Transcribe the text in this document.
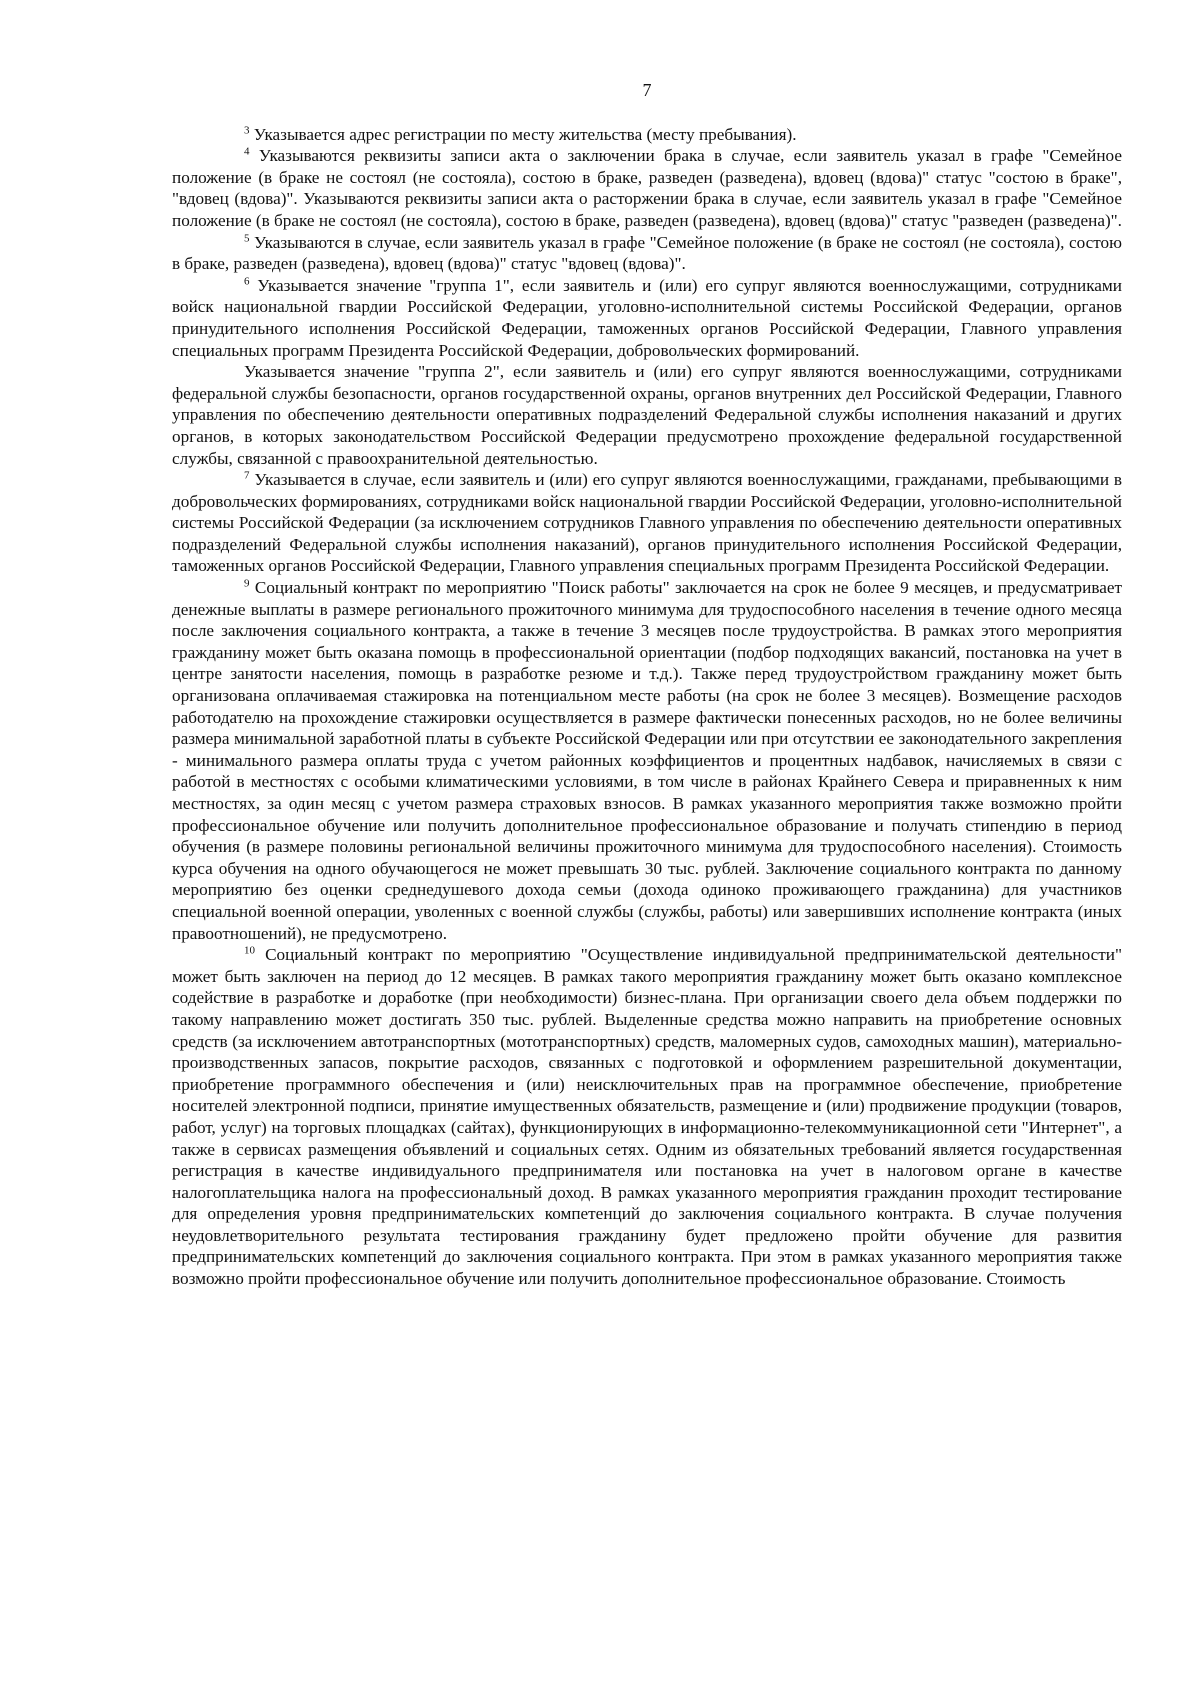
7

$^3$ Указывается адрес регистрации по месту жительства (месту пребывания).

$^4$ Указываются реквизиты записи акта о заключении брака в случае, если заявитель указал в графе "Семейное положение (в браке не состоял (не состояла), состою в браке, разведен (разведена), вдовец (вдова)" статус "состою в браке", "вдовец (вдова)". Указываются реквизиты записи акта о расторжении брака в случае, если заявитель указал в графе "Семейное положение (в браке не состоял (не состояла), состою в браке, разведен (разведена), вдовец (вдова)" статус "разведен (разведена)".

$^5$ Указываются в случае, если заявитель указал в графе "Семейное положение (в браке не состоял (не состояла), состою в браке, разведен (разведена), вдовец (вдова)" статус "вдовец (вдова)".

$^6$ Указывается значение "группа 1", если заявитель и (или) его супруг являются военнослужащими, сотрудниками войск национальной гвардии Российской Федерации, уголовно-исполнительной системы Российской Федерации, органов принудительного исполнения Российской Федерации, таможенных органов Российской Федерации, Главного управления специальных программ Президента Российской Федерации, добровольческих формирований.

Указывается значение "группа 2", если заявитель и (или) его супруг являются военнослужащими, сотрудниками федеральной службы безопасности, органов государственной охраны, органов внутренних дел Российской Федерации, Главного управления по обеспечению деятельности оперативных подразделений Федеральной службы исполнения наказаний и других органов, в которых законодательством Российской Федерации предусмотрено прохождение федеральной государственной службы, связанной с правоохранительной деятельностью.

$^7$ Указывается в случае, если заявитель и (или) его супруг являются военнослужащими, гражданами, пребывающими в добровольческих формированиях, сотрудниками войск национальной гвардии Российской Федерации, уголовно-исполнительной системы Российской Федерации (за исключением сотрудников Главного управления по обеспечению деятельности оперативных подразделений Федеральной службы исполнения наказаний), органов принудительного исполнения Российской Федерации, таможенных органов Российской Федерации, Главного управления специальных программ Президента Российской Федерации.

$^9$ Социальный контракт по мероприятию "Поиск работы" заключается на срок не более 9 месяцев, и предусматривает денежные выплаты в размере регионального прожиточного минимума для трудоспособного населения в течение одного месяца после заключения социального контракта, а также в течение 3 месяцев после трудоустройства. В рамках этого мероприятия гражданину может быть оказана помощь в профессиональной ориентации (подбор подходящих вакансий, постановка на учет в центре занятости населения, помощь в разработке резюме и т.д.). Также перед трудоустройством гражданину может быть организована оплачиваемая стажировка на потенциальном месте работы (на срок не более 3 месяцев). Возмещение расходов работодателю на прохождение стажировки осуществляется в размере фактически понесенных расходов, но не более величины размера минимальной заработной платы в субъекте Российской Федерации или при отсутствии ее законодательного закрепления - минимального размера оплаты труда с учетом районных коэффициентов и процентных надбавок, начисляемых в связи с работой в местностях с особыми климатическими условиями, в том числе в районах Крайнего Севера и приравненных к ним местностях, за один месяц с учетом размера страховых взносов. В рамках указанного мероприятия также возможно пройти профессиональное обучение или получить дополнительное профессиональное образование и получать стипендию в период обучения (в размере половины региональной величины прожиточного минимума для трудоспособного населения). Стоимость курса обучения на одного обучающегося не может превышать 30 тыс. рублей. Заключение социального контракта по данному мероприятию без оценки среднедушевого дохода семьи (дохода одиноко проживающего гражданина) для участников специальной военной операции, уволенных с военной службы (службы, работы) или завершивших исполнение контракта (иных правоотношений), не предусмотрено.

$^{10}$ Социальный контракт по мероприятию "Осуществление индивидуальной предпринимательской деятельности" может быть заключен на период до 12 месяцев. В рамках такого мероприятия гражданину может быть оказано комплексное содействие в разработке и доработке (при необходимости) бизнес-плана. При организации своего дела объем поддержки по такому направлению может достигать 350 тыс. рублей. Выделенные средства можно направить на приобретение основных средств (за исключением автотранспортных (мототранспортных) средств, маломерных судов, самоходных машин), материально-производственных запасов, покрытие расходов, связанных с подготовкой и оформлением разрешительной документации, приобретение программного обеспечения и (или) неисключительных прав на программное обеспечение, приобретение носителей электронной подписи, принятие имущественных обязательств, размещение и (или) продвижение продукции (товаров, работ, услуг) на торговых площадках (сайтах), функционирующих в информационно-телекоммуникационной сети "Интернет", а также в сервисах размещения объявлений и социальных сетях. Одним из обязательных требований является государственная регистрация в качестве индивидуального предпринимателя или постановка на учет в налоговом органе в качестве налогоплательщика налога на профессиональный доход. В рамках указанного мероприятия гражданин проходит тестирование для определения уровня предпринимательских компетенций до заключения социального контракта. В случае получения неудовлетворительного результата тестирования гражданину будет предложено пройти обучение для развития предпринимательских компетенций до заключения социального контракта. При этом в рамках указанного мероприятия также возможно пройти профессиональное обучение или получить дополнительное профессиональное образование. Стоимость
